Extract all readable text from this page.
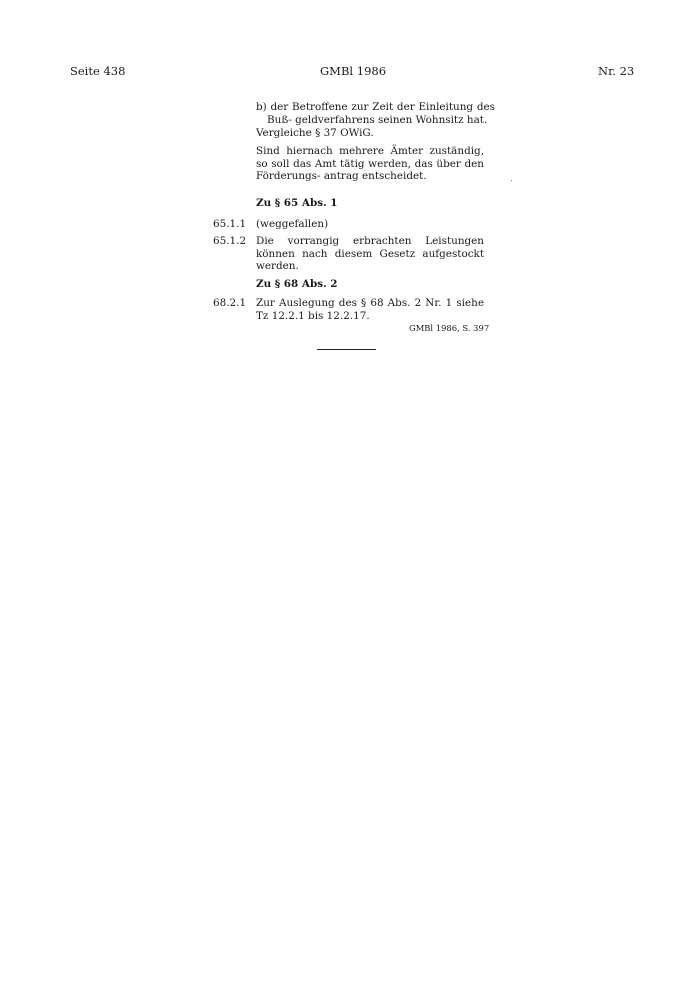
Seite 438	GMBl 1986	Nr. 23
b) der Betroffene zur Zeit der Einleitung des Buß- geldverfahrens seinen Wohnsitz hat.
Vergleiche § 37 OWiG.
Sind hiernach mehrere Ämter zuständig, so soll das Amt tätig werden, das über den Förderungs- antrag entscheidet.
Zu § 65 Abs. 1
65.1.1 (weggefallen)
65.1.2 Die vorrangig erbrachten Leistungen können nach diesem Gesetz aufgestockt werden.
Zu § 68 Abs. 2
68.2.1 Zur Auslegung des § 68 Abs. 2 Nr. 1 siehe Tz 12.2.1 bis 12.2.17.
GMBl 1986, S. 397
